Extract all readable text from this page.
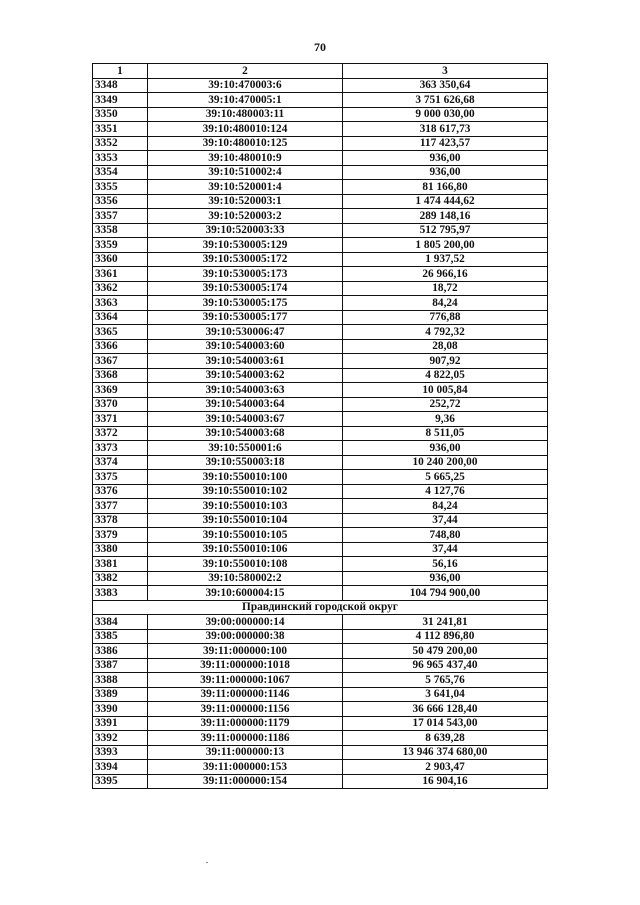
70
1	2	3
3348	39:10:470003:6	363 350,64
3349	39:10:470005:1	3 751 626,68
3350	39:10:480003:11	9 000 030,00
3351	39:10:480010:124	318 617,73
3352	39:10:480010:125	117 423,57
3353	39:10:480010:9	936,00
3354	39:10:510002:4	936,00
3355	39:10:520001:4	81 166,80
3356	39:10:520003:1	1 474 444,62
3357	39:10:520003:2	289 148,16
3358	39:10:520003:33	512 795,97
3359	39:10:530005:129	1 805 200,00
3360	39:10:530005:172	1 937,52
3361	39:10:530005:173	26 966,16
3362	39:10:530005:174	18,72
3363	39:10:530005:175	84,24
3364	39:10:530005:177	776,88
3365	39:10:530006:47	4 792,32
3366	39:10:540003:60	28,08
3367	39:10:540003:61	907,92
3368	39:10:540003:62	4 822,05
3369	39:10:540003:63	10 005,84
3370	39:10:540003:64	252,72
3371	39:10:540003:67	9,36
3372	39:10:540003:68	8 511,05
3373	39:10:550001:6	936,00
3374	39:10:550003:18	10 240 200,00
3375	39:10:550010:100	5 665,25
3376	39:10:550010:102	4 127,76
3377	39:10:550010:103	84,24
3378	39:10:550010:104	37,44
3379	39:10:550010:105	748,80
3380	39:10:550010:106	37,44
3381	39:10:550010:108	56,16
3382	39:10:580002:2	936,00
3383	39:10:600004:15	104 794 900,00
Правдинский городской округ		
3384	39:00:000000:14	31 241,81
3385	39:00:000000:38	4 112 896,80
3386	39:11:000000:100	50 479 200,00
3387	39:11:000000:1018	96 965 437,40
3388	39:11:000000:1067	5 765,76
3389	39:11:000000:1146	3 641,04
3390	39:11:000000:1156	36 666 128,40
3391	39:11:000000:1179	17 014 543,00
3392	39:11:000000:1186	8 639,28
3393	39:11:000000:13	13 946 374 680,00
3394	39:11:000000:153	2 903,47
3395	39:11:000000:154	16 904,16
